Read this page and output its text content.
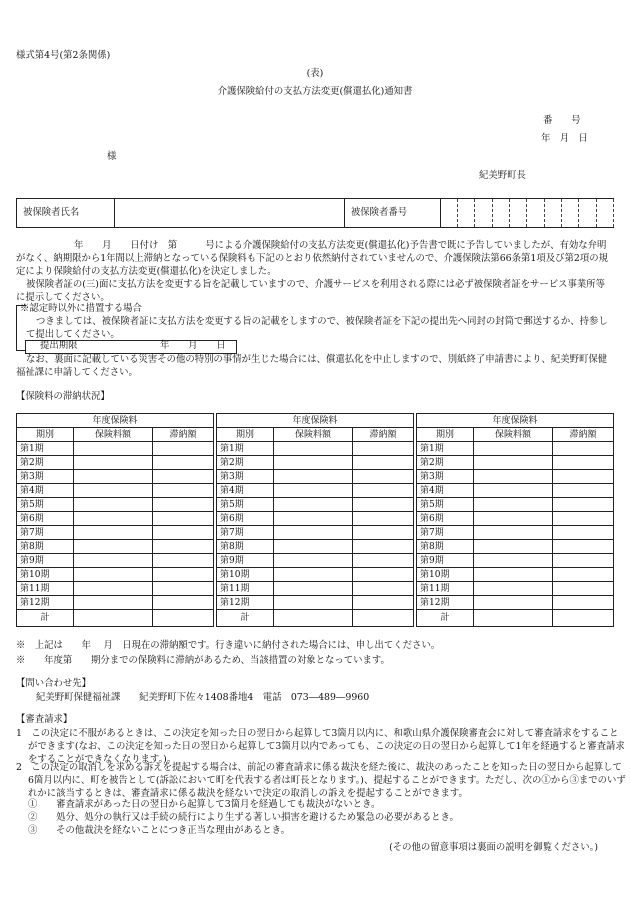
様式第4号(第2条関係)
(表)
介護保険給付の支払方法変更(償還払化)通知書
番　　号
年　月　日
様
紀美野町長
被保険者氏名		被保険者番号										

年　　月　　日付け　第　　　号による介護保険給付の支払方法変更(償還払化)予告書で既に予告していましたが、有効な弁明がなく、納期限から1年間以上滞納となっている保険料も下記のとおり依然納付されていませんので、介護保険法第66条第1項及び第2項の規定により保険給付の支払方法変更(償還払化)を決定しました。

被保険者証の(三)面に支払方法を変更する旨を記載していますので、介護サービスを利用される際には必ず被保険者証をサービス事業所等に提示してください。

※認定時以外に措置する場合

つきましては、被保険者証に支払方法を変更する旨の記載をしますので、被保険者証を下記の提出先へ同封の封筒で郵送するか、持参して提出してください。

提出期限	年　　月　　日

なお、裏面に記載している災害その他の特別の事情が生じた場合には、償還払化を中止しますので、別紙終了申請書により、紀美野町保健福祉課に申請してください。

【保険料の滞納状況】
年度保険料		
期別	保険料額	滞納額
第1期		
第2期		
第3期		
第4期		
第5期		
第6期		
第7期		
第8期		
第9期		
第10期		
第11期		
第12期		
計		
年度保険料		
期別	保険料額	滞納額
第1期		
第2期		
第3期		
第4期		
第5期		
第6期		
第7期		
第8期		
第9期		
第10期		
第11期		
第12期		
計		
年度保険料		
期別	保険料額	滞納額
第1期		
第2期		
第3期		
第4期		
第5期		
第6期		
第7期		
第8期		
第9期		
第10期		
第11期		
第12期		
計		
※　上記は　　年　 月　日現在の滞納額です。行き違いに納付された場合には、申し出てください。
※　　年度第　　期分までの保険料に滞納があるため、当該措置の対象となっています。
【問い合わせ先】
紀美野町保健福祉課　　紀美野町下佐々1408番地4　電話　073―489―9960
【審査請求】

1　この決定に不服があるときは、この決定を知った日の翌日から起算して3箇月以内に、和歌山県介護保険審査会に対して審査請求をすることができます(なお、この決定を知った日の翌日から起算して3箇月以内であっても、この決定の日の翌日から起算して1年を経過すると審査請求をすることができなくなります。)。

2　この決定の取消しを求める訴えを提起する場合は、前記の審査請求に係る裁決を経た後に、裁決のあったことを知った日の翌日から起算して6箇月以内に、町を被告として(訴訟において町を代表する者は町長となります。)、提起することができます。ただし、次の①から③までのいずれかに該当するときは、審査請求に係る裁決を経ないで決定の取消しの訴えを提起することができます。

①　　審査請求があった日の翌日から起算して3箇月を経過しても裁決がないとき。
②　　処分、処分の執行又は手続の続行により生ずる著しい損害を避けるため緊急の必要があるとき。
③　　その他裁決を経ないことにつき正当な理由があるとき。
(その他の留意事項は裏面の説明を御覧ください。)
